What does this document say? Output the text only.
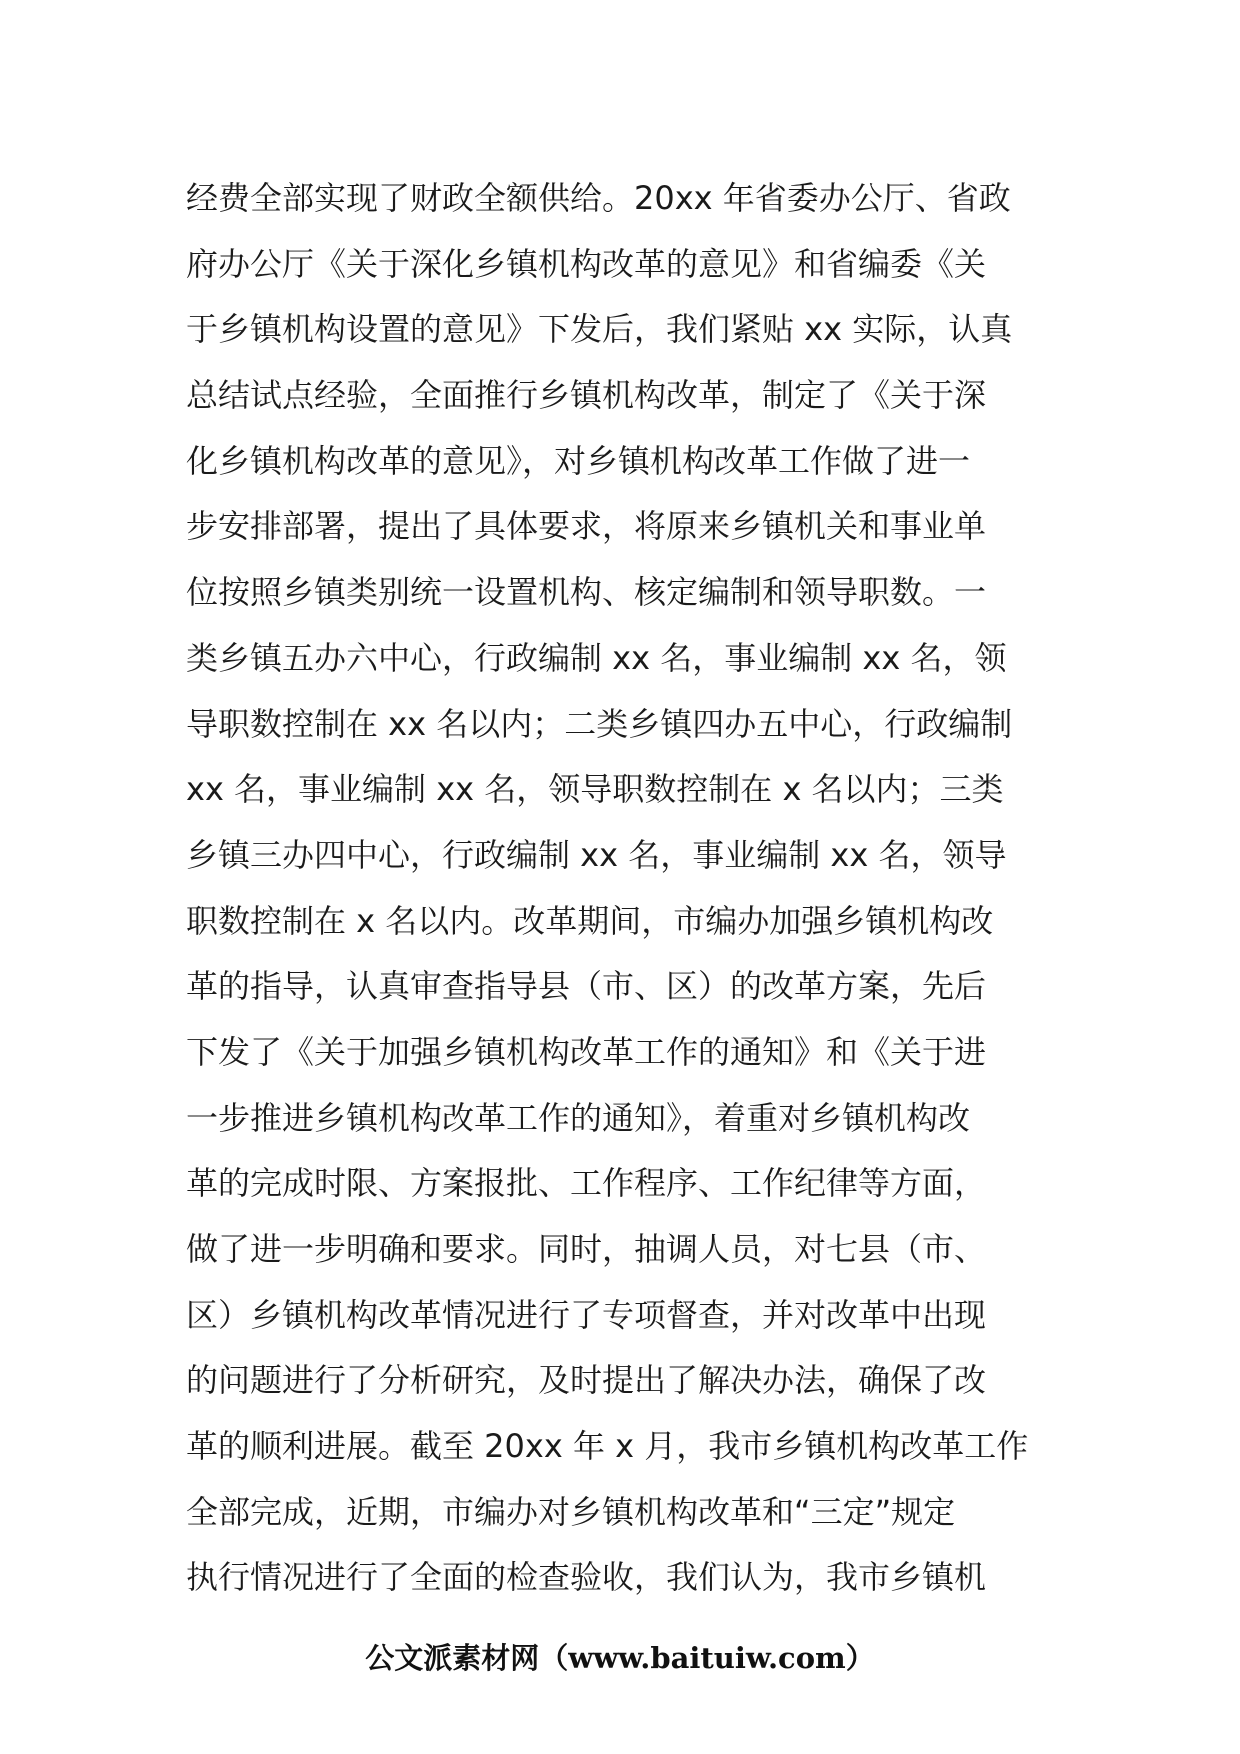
经费全部实现了财政全额供给。20xx 年省委办公厅、省政
府办公厅《关于深化乡镇机构改革的意见》和省编委《关
于乡镇机构设置的意见》下发后，我们紧贴 xx 实际，认真
总结试点经验，全面推行乡镇机构改革，制定了《关于深
化乡镇机构改革的意见》，对乡镇机构改革工作做了进一
步安排部署，提出了具体要求，将原来乡镇机关和事业单
位按照乡镇类别统一设置机构、核定编制和领导职数。一
类乡镇五办六中心，行政编制 xx 名，事业编制 xx 名，领
导职数控制在 xx 名以内；二类乡镇四办五中心，行政编制
xx 名，事业编制 xx 名，领导职数控制在 x 名以内；三类
乡镇三办四中心，行政编制 xx 名，事业编制 xx 名，领导
职数控制在 x 名以内。改革期间，市编办加强乡镇机构改
革的指导，认真审查指导县（市、区）的改革方案，先后
下发了《关于加强乡镇机构改革工作的通知》和《关于进
一步推进乡镇机构改革工作的通知》，着重对乡镇机构改
革的完成时限、方案报批、工作程序、工作纪律等方面，
做了进一步明确和要求。同时，抽调人员，对七县（市、
区）乡镇机构改革情况进行了专项督查，并对改革中出现
的问题进行了分析研究，及时提出了解决办法，确保了改
革的顺利进展。截至 20xx 年 x 月，我市乡镇机构改革工作
全部完成，近期，市编办对乡镇机构改革和“三定”规定
执行情况进行了全面的检查验收，我们认为，我市乡镇机
公文派素材网（www.baituiw.com）
